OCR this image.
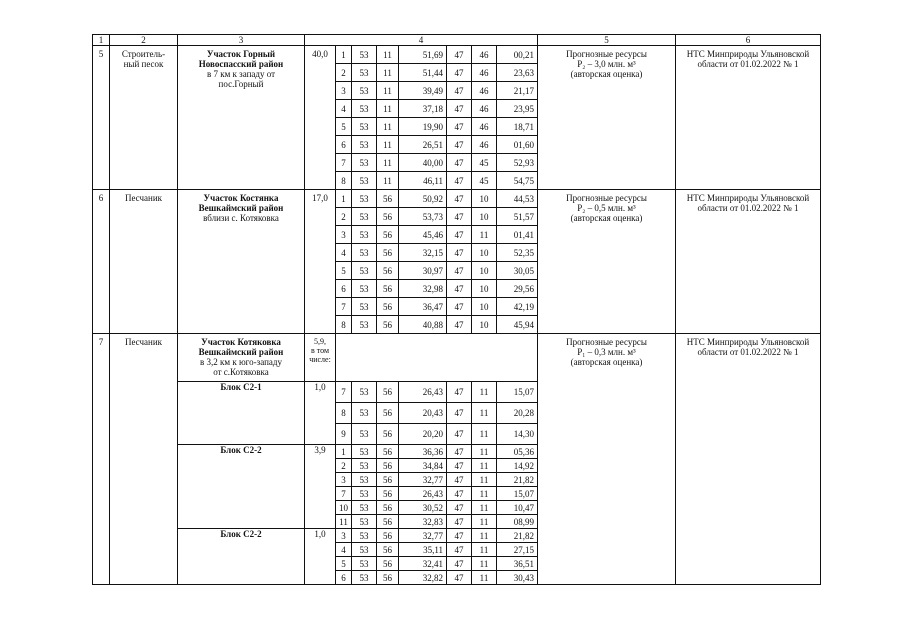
1	2	3	4								5	6
5	Строитель-
ный песок	Участок Горный
Новоспасский район
в 7 км к западу от
пос.Горный	40,0	1	53	11	51,69	47	46	00,21	Прогнозные ресурсы
P₂ – 3,0 млн. м³
(авторская оценка)	НТС Минприроды Ульяновской
области от 01.02.2022 № 1

				2	53	11	51,44	47	46	23,63		
				3	53	11	39,49	47	46	21,17		
				4	53	11	37,18	47	46	23,95		
				5	53	11	19,90	47	46	18,71		
				6	53	11	26,51	47	46	01,60		
				7	53	11	40,00	47	45	52,93		
				8	53	11	46,11	47	45	54,75		
6	Песчаник	Участок Костянка
Вешкаймский район
вблизи с. Котяковка	17,0	1	53	56	50,92	47	10	44,53	Прогнозные ресурсы
P₂ – 0,5 млн. м³
(авторская оценка)	НТС Минприроды Ульяновской
области от 01.02.2022 № 1

				2	53	56	53,73	47	10	51,57		
				3	53	56	45,46	47	11	01,41		
				4	53	56	32,15	47	10	52,35		
				5	53	56	30,97	47	10	30,05		
				6	53	56	32,98	47	10	29,56		
				7	53	56	36,47	47	10	42,19		
				8	53	56	40,88	47	10	45,94		
7	Песчаник	Участок Котяковка
Вешкаймский район
в 3,2 км к юго-западу
от с.Котяковка	5,9,
в том
числе:								Прогнозные ресурсы
P₁ – 0,3 млн. м³
(авторская оценка)	НТС Минприроды Ульяновской
области от 01.02.2022 № 1

		Блок С2-1	1,0	7	53	56	26,43	47	11	15,07		
				8	53	56	20,43	47	11	20,28		
				9	53	56	20,20	47	11	14,30		

		Блок С2-2	3,9	1	53	56	36,36	47	11	05,36		
				2	53	56	34,84	47	11	14,92		
				3	53	56	32,77	47	11	21,82		
				7	53	56	26,43	47	11	15,07		
				10	53	56	30,52	47	11	10,47		
				11	53	56	32,83	47	11	08,99		

		Блок С2-2	1,0	3	53	56	32,77	47	11	21,82		
				4	53	56	35,11	47	11	27,15		
				5	53	56	32,41	47	11	36,51		
				6	53	56	32,82	47	11	30,43		
